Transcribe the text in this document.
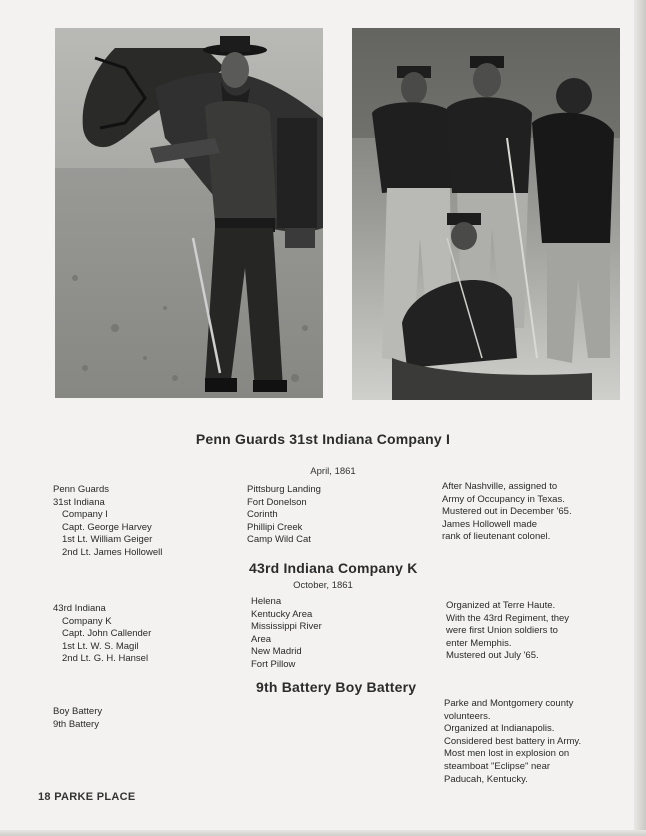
Penn Guards 31st Indiana Company I
April, 1861
Penn Guards
31st Indiana
Company I
Capt. George Harvey
1st Lt. William Geiger
2nd Lt. James Hollowell
Pittsburg Landing
Fort Donelson
Corinth
Phillipi Creek
Camp Wild Cat
After Nashville, assigned to
Army of Occupancy in Texas.
Mustered out in December '65.
James Hollowell made
rank of lieutenant colonel.
43rd Indiana Company K
October, 1861
43rd Indiana
Company K
Capt. John Callender
1st Lt. W. S. Magil
2nd Lt. G. H. Hansel
Helena
Kentucky Area
Mississippi River
Area
New Madrid
Fort Pillow
Organized at Terre Haute.
With the 43rd Regiment, they
were first Union soldiers to
enter Memphis.
Mustered out July '65.
9th Battery Boy Battery
Boy Battery
9th Battery
Parke and Montgomery county
volunteers.
Organized at Indianapolis.
Considered best battery in Army.
Most men lost in explosion on
steamboat "Eclipse" near
Paducah, Kentucky.
18 PARKE PLACE
